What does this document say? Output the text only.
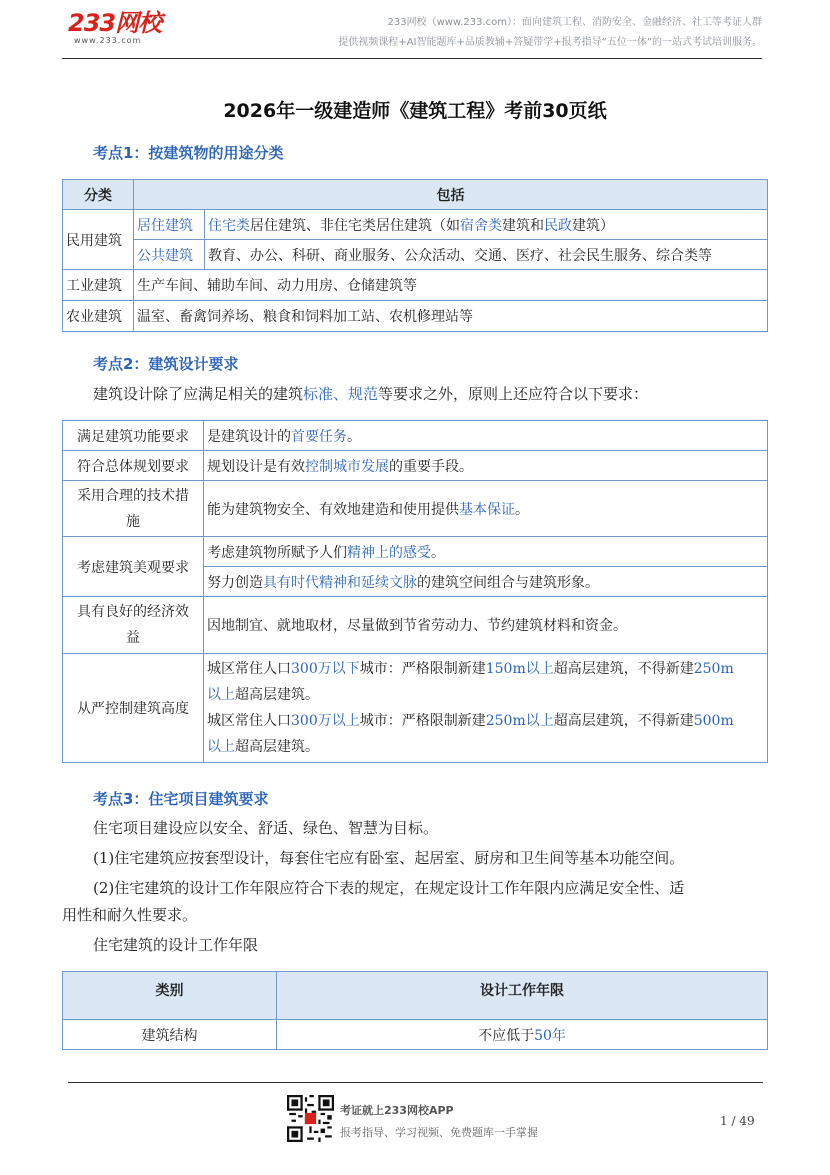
233网校
www.233.com
233网校（www.233.com）：面向建筑工程、消防安全、金融经济、社工等考证人群
提供视频课程+AI智能题库+品质教辅+答疑带学+报考指导“五位一体”的一站式考试培训服务。
2026年一级建造师《建筑工程》考前30页纸
考点1：按建筑物的用途分类
分类	包括	
民用建筑	居住建筑	住宅类居住建筑、非住宅类居住建筑（如宿舍类建筑和民政建筑）
	公共建筑	教育、办公、科研、商业服务、公众活动、交通、医疗、社会民生服务、综合类等
工业建筑	生产车间、辅助车间、动力用房、仓储建筑等	
农业建筑	温室、畜禽饲养场、粮食和饲料加工站、农机修理站等	
考点2：建筑设计要求
建筑设计除了应满足相关的建筑标准、规范等要求之外，原则上还应符合以下要求：
满足建筑功能要求	是建筑设计的首要任务。
符合总体规划要求	规划设计是有效控制城市发展的重要手段。
采用合理的技术措
施	能为建筑物安全、有效地建造和使用提供基本保证。
考虑建筑美观要求	考虑建筑物所赋予人们精神上的感受。
	努力创造具有时代精神和延续文脉的建筑空间组合与建筑形象。
具有良好的经济效
益	因地制宜、就地取材，尽量做到节省劳动力、节约建筑材料和资金。
从严控制建筑高度	城区常住人口300万以下城市：严格限制新建150m以上超高层建筑，不得新建250m
以上超高层建筑。
城区常住人口300万以上城市：严格限制新建250m以上超高层建筑，不得新建500m
以上超高层建筑。
考点3：住宅项目建筑要求
住宅项目建设应以安全、舒适、绿色、智慧为目标。
(1)住宅建筑应按套型设计，每套住宅应有卧室、起居室、厨房和卫生间等基本功能空间。
(2)住宅建筑的设计工作年限应符合下表的规定，在规定设计工作年限内应满足安全性、适
用性和耐久性要求。
住宅建筑的设计工作年限
类别	设计工作年限
建筑结构	不应低于50年
考证就上233网校APP
报考指导、学习视频、免费题库一手掌握
1 / 49
